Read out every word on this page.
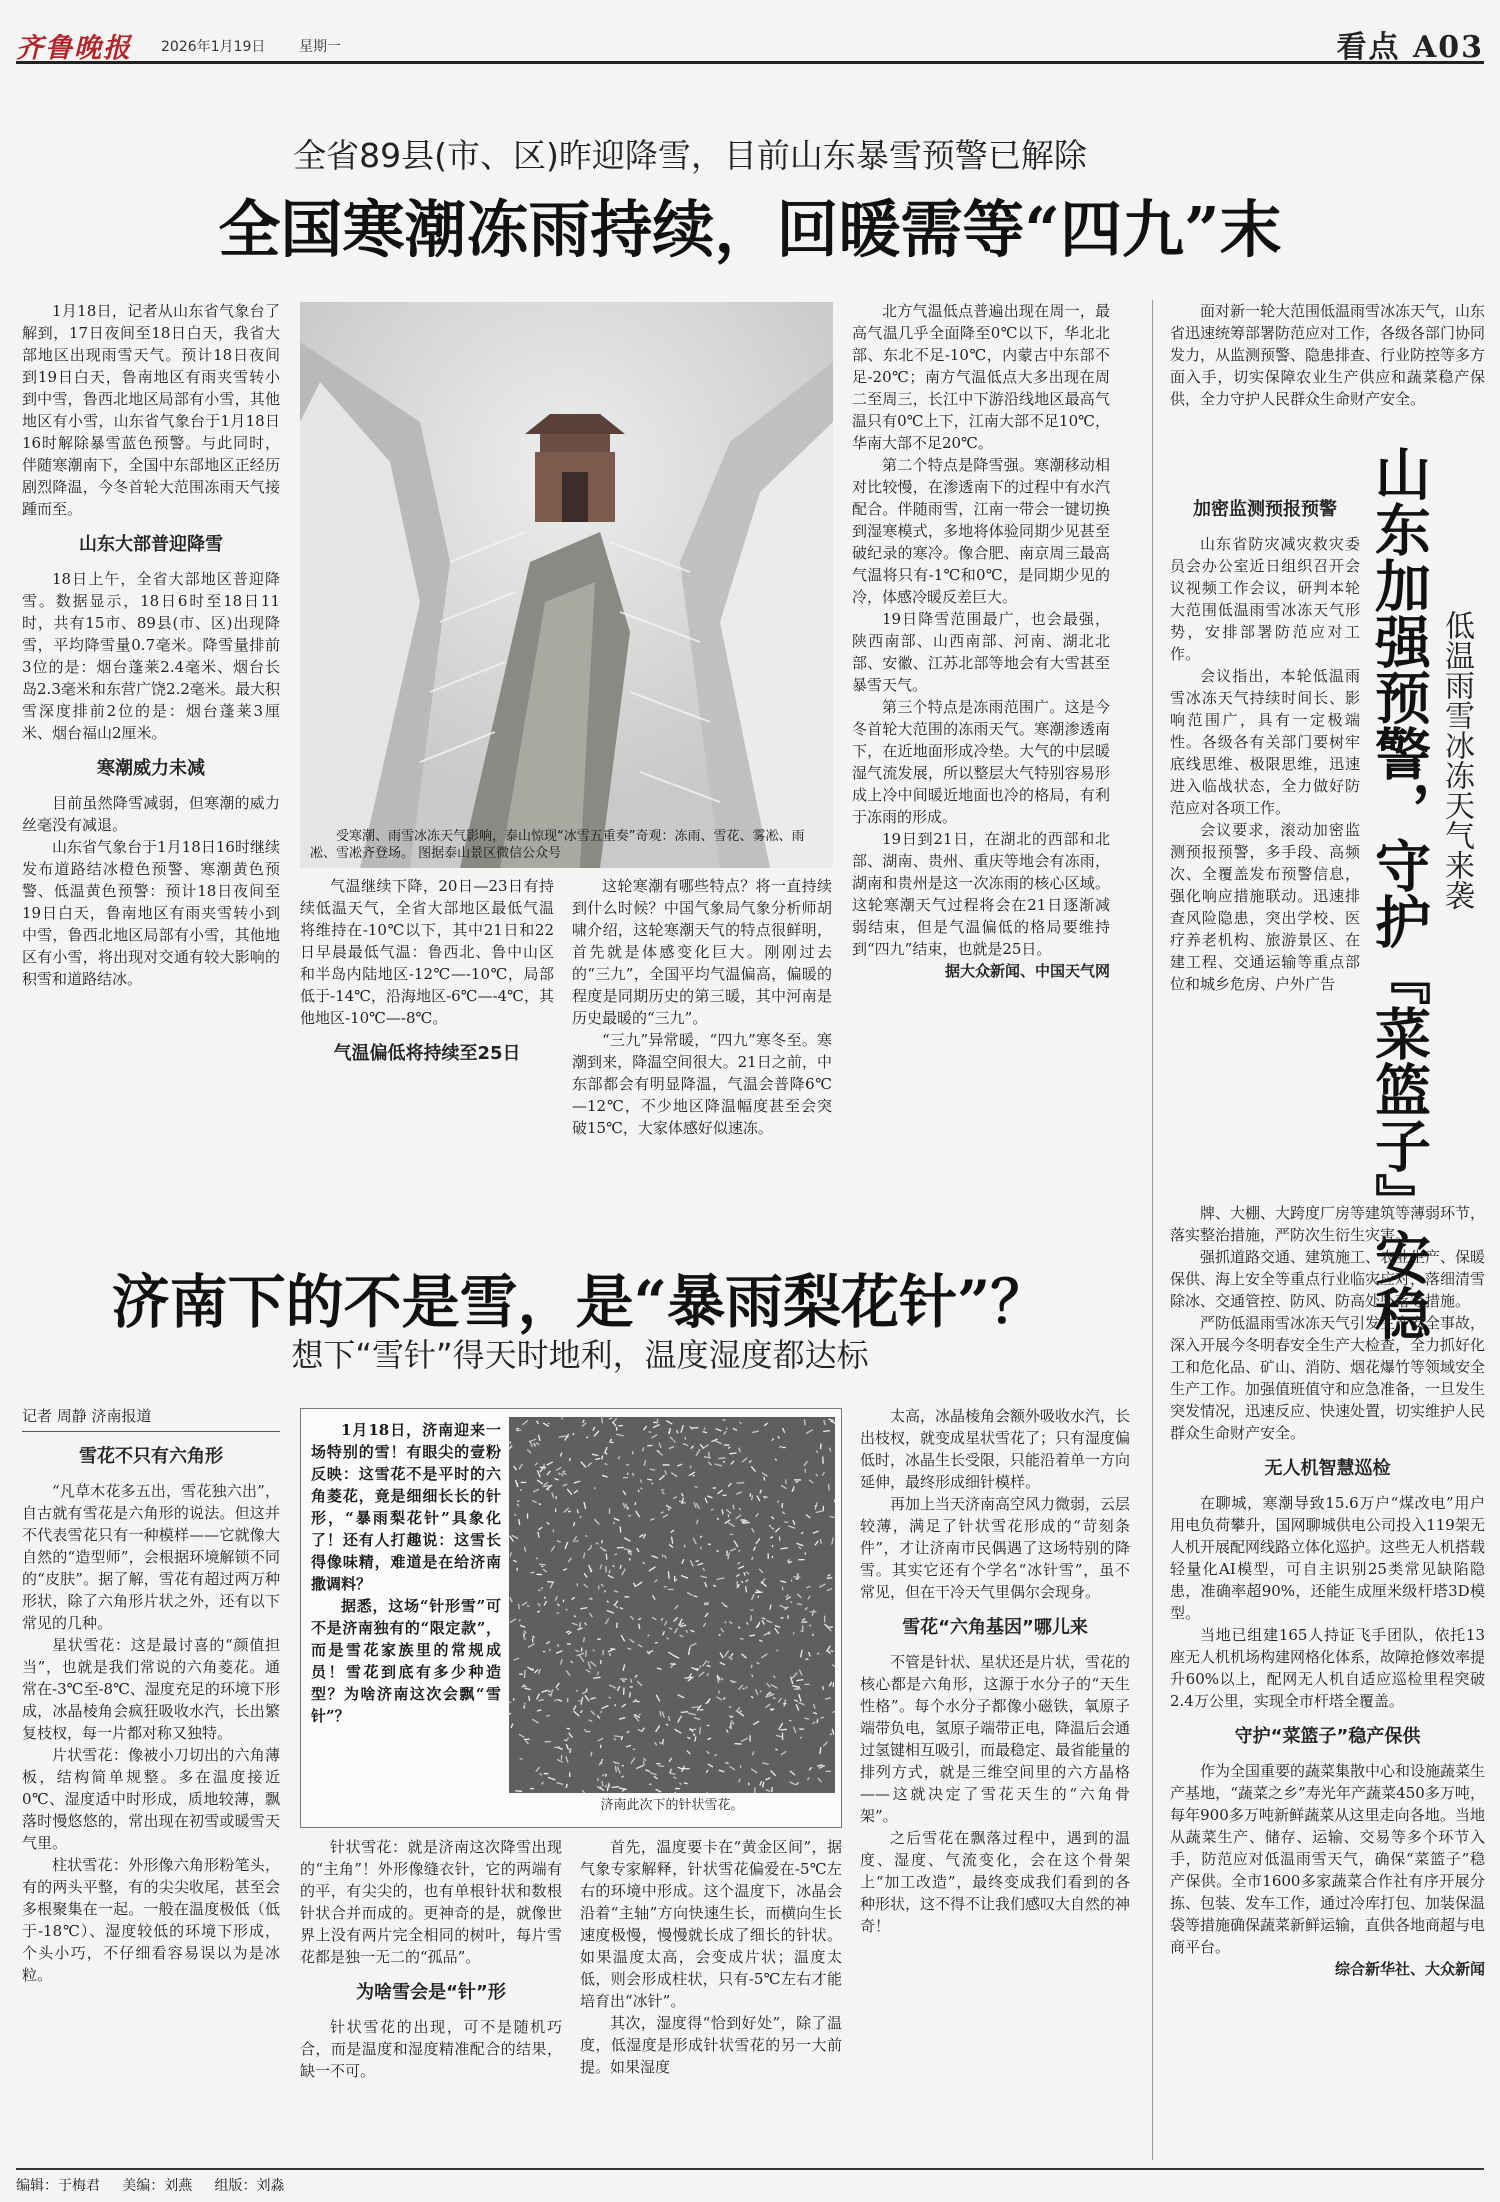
齐鲁晚报 2026年1月19日 星期一	看点 A03
全省89县(市、区)昨迎降雪，目前山东暴雪预警已解除
全国寒潮冻雨持续，回暖需等“四九”末

1月18日，记者从山东省气象台了解到，17日夜间至18日白天，我省大部地区出现雨雪天气。预计18日夜间到19日白天，鲁南地区有雨夹雪转小到中雪，鲁西北地区局部有小雪，其他地区有小雪，山东省气象台于1月18日16时解除暴雪蓝色预警。与此同时，伴随寒潮南下，全国中东部地区正经历剧烈降温，今冬首轮大范围冻雨天气接踵而至。

山东大部普迎降雪

18日上午，全省大部地区普迎降雪。数据显示，18日6时至18日11时，共有15市、89县(市、区)出现降雪，平均降雪量0.7毫米。降雪量排前3位的是：烟台蓬莱2.4毫米、烟台长岛2.3毫米和东营广饶2.2毫米。最大积雪深度排前2位的是：烟台蓬莱3厘米、烟台福山2厘米。

寒潮威力未减

目前虽然降雪减弱，但寒潮的威力丝毫没有减退。

山东省气象台于1月18日16时继续发布道路结冰橙色预警、寒潮黄色预警、低温黄色预警：预计18日夜间至19日白天，鲁南地区有雨夹雪转小到中雪，鲁西北地区局部有小雪，其他地区有小雪，将出现对交通有较大影响的积雪和道路结冰。

受寒潮、雨雪冰冻天气影响，泰山惊现“冰雪五重奏”奇观：冻雨、雪花、雾凇、雨凇、雪凇齐登场。 图据泰山景区微信公众号

气温继续下降，20日—23日有持续低温天气，全省大部地区最低气温将维持在-10℃以下，其中21日和22日早晨最低气温：鲁西北、鲁中山区和半岛内陆地区-12℃—-10℃，局部低于-14℃，沿海地区-6℃—-4℃，其他地区-10℃—-8℃。

气温偏低将持续至25日

这轮寒潮有哪些特点？将一直持续到什么时候？中国气象局气象分析师胡啸介绍，这轮寒潮天气的特点很鲜明，首先就是体感变化巨大。刚刚过去的“三九”，全国平均气温偏高，偏暖的程度是同期历史的第三暖，其中河南是历史最暖的“三九”。

“三九”异常暖，“四九”寒冬至。寒潮到来，降温空间很大。21日之前，中东部都会有明显降温，气温会普降6℃—12℃，不少地区降温幅度甚至会突破15℃，大家体感好似速冻。

北方气温低点普遍出现在周一，最高气温几乎全面降至0℃以下，华北北部、东北不足-10℃，内蒙古中东部不足-20℃；南方气温低点大多出现在周二至周三，长江中下游沿线地区最高气温只有0℃上下，江南大部不足10℃，华南大部不足20℃。

第二个特点是降雪强。寒潮移动相对比较慢，在渗透南下的过程中有水汽配合。伴随雨雪，江南一带会一键切换到湿寒模式，多地将体验同期少见甚至破纪录的寒冷。像合肥、南京周三最高气温将只有-1℃和0℃，是同期少见的冷，体感冷暖反差巨大。

19日降雪范围最广，也会最强，陕西南部、山西南部、河南、湖北北部、安徽、江苏北部等地会有大雪甚至暴雪天气。

第三个特点是冻雨范围广。这是今冬首轮大范围的冻雨天气。寒潮渗透南下，在近地面形成冷垫。大气的中层暖湿气流发展，所以整层大气特别容易形成上冷中间暖近地面也冷的格局，有利于冻雨的形成。

19日到21日，在湖北的西部和北部、湖南、贵州、重庆等地会有冻雨，湖南和贵州是这一次冻雨的核心区域。这轮寒潮天气过程将会在21日逐渐减弱结束，但是气温偏低的格局要维持到“四九”结束，也就是25日。

据大众新闻、中国天气网

济南下的不是雪，是“暴雨梨花针”？
想下“雪针”得天时地利，温度湿度都达标

记者 周静 济南报道

雪花不只有六角形

“凡草木花多五出，雪花独六出”，自古就有雪花是六角形的说法。但这并不代表雪花只有一种模样——它就像大自然的“造型师”，会根据环境解锁不同的“皮肤”。据了解，雪花有超过两万种形状，除了六角形片状之外，还有以下常见的几种。

星状雪花：这是最讨喜的“颜值担当”，也就是我们常说的六角菱花。通常在-3℃至-8℃、湿度充足的环境下形成，冰晶棱角会疯狂吸收水汽，长出繁复枝杈，每一片都对称又独特。

片状雪花：像被小刀切出的六角薄板，结构简单规整。多在温度接近0℃、湿度适中时形成，质地较薄，飘落时慢悠悠的，常出现在初雪或暖雪天气里。

柱状雪花：外形像六角形粉笔头，有的两头平整，有的尖尖收尾，甚至会多根聚集在一起。一般在温度极低（低于-18℃）、湿度较低的环境下形成，个头小巧，不仔细看容易误以为是冰粒。

1月18日，济南迎来一场特别的雪！有眼尖的壹粉反映：这雪花不是平时的六角菱花，竟是细细长长的针形，“暴雨梨花针”具象化了！还有人打趣说：这雪长得像味精，难道是在给济南撒调料？

据悉，这场“针形雪”可不是济南独有的“限定款”，而是雪花家族里的常规成员！雪花到底有多少种造型？为啥济南这次会飘“雪针”？

济南此次下的针状雪花。

针状雪花：就是济南这次降雪出现的“主角”！外形像缝衣针，它的两端有的平，有尖尖的，也有单根针状和数根针状合并而成的。更神奇的是，就像世界上没有两片完全相同的树叶，每片雪花都是独一无二的“孤品”。

为啥雪会是“针”形

针状雪花的出现，可不是随机巧合，而是温度和湿度精准配合的结果，缺一不可。

首先，温度要卡在“黄金区间”，据气象专家解释，针状雪花偏爱在-5℃左右的环境中形成。这个温度下，冰晶会沿着“主轴”方向快速生长，而横向生长速度极慢，慢慢就长成了细长的针状。如果温度太高，会变成片状；温度太低，则会形成柱状，只有-5℃左右才能培育出“冰针”。

其次，湿度得“恰到好处”，除了温度，低湿度是形成针状雪花的另一大前提。如果湿度

太高，冰晶棱角会额外吸收水汽，长出枝杈，就变成星状雪花了；只有湿度偏低时，冰晶生长受限，只能沿着单一方向延伸，最终形成细针模样。

再加上当天济南高空风力微弱，云层较薄，满足了针状雪花形成的“苛刻条件”，才让济南市民偶遇了这场特别的降雪。其实它还有个学名“冰针雪”，虽不常见，但在干冷天气里偶尔会现身。

雪花“六角基因”哪儿来

不管是针状、星状还是片状，雪花的核心都是六角形，这源于水分子的“天生性格”。每个水分子都像小磁铁，氧原子端带负电，氢原子端带正电，降温后会通过氢键相互吸引，而最稳定、最省能量的排列方式，就是三维空间里的六方晶格——这就决定了雪花天生的“六角骨架”。

之后雪花在飘落过程中，遇到的温度、湿度、气流变化，会在这个骨架上“加工改造”，最终变成我们看到的各种形状，这不得不让我们感叹大自然的神奇！

面对新一轮大范围低温雨雪冰冻天气，山东省迅速统筹部署防范应对工作，各级各部门协同发力，从监测预警、隐患排查、行业防控等多方面入手，切实保障农业生产供应和蔬菜稳产保供，全力守护人民群众生命财产安全。

山东加强预警，守护『菜篮子』安稳 低温雨雪冰冻天气来袭
加密监测预报预警

山东省防灾减灾救灾委员会办公室近日组织召开会议视频工作会议，研判本轮大范围低温雨雪冰冻天气形势，安排部署防范应对工作。

会议指出，本轮低温雨雪冰冻天气持续时间长、影响范围广，具有一定极端性。各级各有关部门要树牢底线思维、极限思维，迅速进入临战状态，全力做好防范应对各项工作。

会议要求，滚动加密监测预报预警，多手段、高频次、全覆盖发布预警信息，强化响应措施联动。迅速排查风险隐患，突出学校、医疗养老机构、旅游景区、在建工程、交通运输等重点部位和城乡危房、户外广告

牌、大棚、大跨度厂房等建筑等薄弱环节，落实整治措施，严防次生衍生灾害。

强抓道路交通、建筑施工、农业生产、保暖保供、海上安全等重点行业临灾应对，落细清雪除冰、交通管控、防风、防高处坠落等措施。

严防低温雨雪冰冻天气引发生产安全事故，深入开展今冬明春安全生产大检查，全力抓好化工和危化品、矿山、消防、烟花爆竹等领域安全生产工作。加强值班值守和应急准备，一旦发生突发情况，迅速反应、快速处置，切实维护人民群众生命财产安全。

无人机智慧巡检

在聊城，寒潮导致15.6万户“煤改电”用户用电负荷攀升，国网聊城供电公司投入119架无人机开展配网线路立体化巡护。这些无人机搭载轻量化AI模型，可自主识别25类常见缺陷隐患，准确率超90%，还能生成厘米级杆塔3D模型。

当地已组建165人持证飞手团队，依托13座无人机机场构建网格化体系，故障抢修效率提升60%以上，配网无人机自适应巡检里程突破2.4万公里，实现全市杆塔全覆盖。

守护“菜篮子”稳产保供

作为全国重要的蔬菜集散中心和设施蔬菜生产基地，“蔬菜之乡”寿光年产蔬菜450多万吨，每年900多万吨新鲜蔬菜从这里走向各地。当地从蔬菜生产、储存、运输、交易等多个环节入手，防范应对低温雨雪天气，确保“菜篮子”稳产保供。全市1600多家蔬菜合作社有序开展分拣、包装、发车工作，通过冷库打包、加装保温袋等措施确保蔬菜新鲜运输，直供各地商超与电商平台。

综合新华社、大众新闻

编辑：于梅君 美编：刘燕 组版：刘淼
